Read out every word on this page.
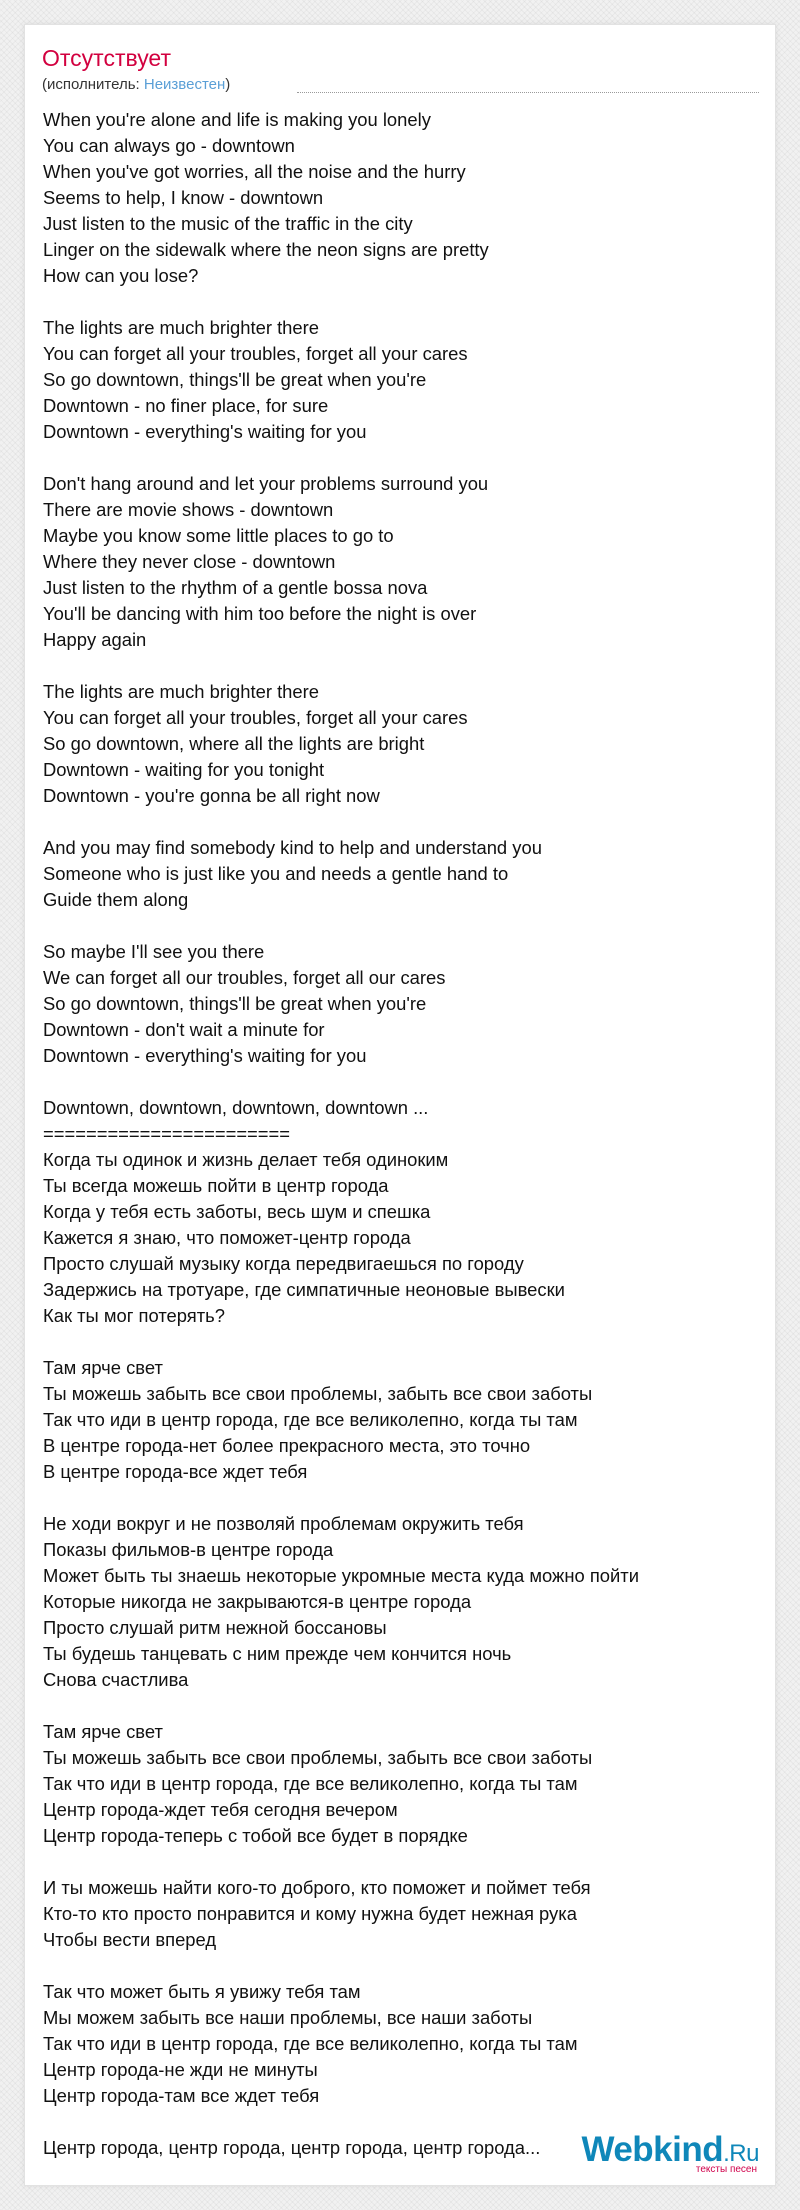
Отсутствует
(исполнитель: Неизвестен)
When you're alone and life is making you lonely
You can always go - downtown
When you've got worries, all the noise and the hurry
Seems to help, I know - downtown
Just listen to the music of the traffic in the city
Linger on the sidewalk where the neon signs are pretty
How can you lose?
The lights are much brighter there
You can forget all your troubles, forget all your cares
So go downtown, things'll be great when you're
Downtown - no finer place, for sure
Downtown - everything's waiting for you
Don't hang around and let your problems surround you
There are movie shows - downtown
Maybe you know some little places to go to
Where they never close - downtown
Just listen to the rhythm of a gentle bossa nova
You'll be dancing with him too before the night is over
Happy again
The lights are much brighter there
You can forget all your troubles, forget all your cares
So go downtown, where all the lights are bright
Downtown - waiting for you tonight
Downtown - you're gonna be all right now
And you may find somebody kind to help and understand you
Someone who is just like you and needs a gentle hand to
Guide them along
So maybe I'll see you there
We can forget all our troubles, forget all our cares
So go downtown, things'll be great when you're
Downtown - don't wait a minute for
Downtown - everything's waiting for you
Downtown, downtown, downtown, downtown ...
=======================
Когда ты одинок и жизнь делает тебя одиноким
Ты всегда можешь пойти в центр города
Когда у тебя есть заботы, весь шум и спешка
Кажется я знаю, что поможет-центр города
Просто слушай музыку когда передвигаешься по городу
Задержись на тротуаре, где симпатичные неоновые вывески
Как ты мог потерять?
Там ярче свет
Ты можешь забыть все свои проблемы, забыть все свои заботы
Так что иди в центр города, где все великолепно, когда ты там
В центре города-нет более прекрасного места, это точно
В центре города-все ждет тебя
Не ходи вокруг и не позволяй проблемам окружить тебя
Показы фильмов-в центре города
Может быть ты знаешь некоторые укромные места куда можно пойти
Которые никогда не закрываются-в центре города
Просто слушай ритм нежной боссановы
Ты будешь танцевать с ним прежде чем кончится ночь
Снова счастлива
Там ярче свет
Ты можешь забыть все свои проблемы, забыть все свои заботы
Так что иди в центр города, где все великолепно, когда ты там
Центр города-ждет тебя сегодня вечером
Центр города-теперь с тобой все будет в порядке
И ты можешь найти кого-то доброго, кто поможет и поймет тебя
Кто-то кто просто понравится и кому нужна будет нежная рука
Чтобы вести вперед
Так что может быть я увижу тебя там
Мы можем забыть все наши проблемы, все наши заботы
Так что иди в центр города, где все великолепно, когда ты там
Центр города-не жди не минуты
Центр города-там все ждет тебя
Центр города, центр города, центр города, центр города...	Webkind.Ru
тексты песен
